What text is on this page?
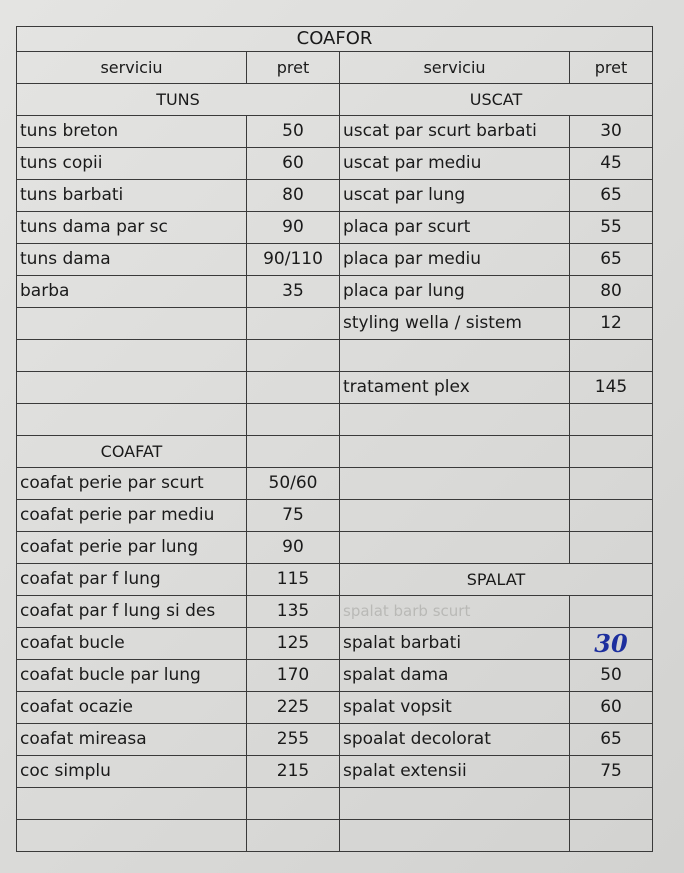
COAFOR			
serviciu	pret	serviciu	pret
TUNS		USCAT	
tuns breton	50	uscat par scurt barbati	30
tuns copii	60	uscat par mediu	45
tuns barbati	80	uscat par lung	65
tuns dama par sc	90	placa par scurt	55
tuns dama	90/110	placa par mediu	65
barba	35	placa par lung	80
		styling wella / sistem	12

		tratament plex	145

COAFAT			
coafat perie par scurt	50/60		
coafat perie par mediu	75		
coafat perie par lung	90		
coafat par f lung	115	SPALAT	
coafat par f lung si des	135	spalat barb scurt	
coafat bucle	125	spalat barbati	30
coafat bucle par lung	170	spalat dama	50
coafat ocazie	225	spalat vopsit	60
coafat mireasa	255	spoalat decolorat	65
coc simplu	215	spalat extensii	75
